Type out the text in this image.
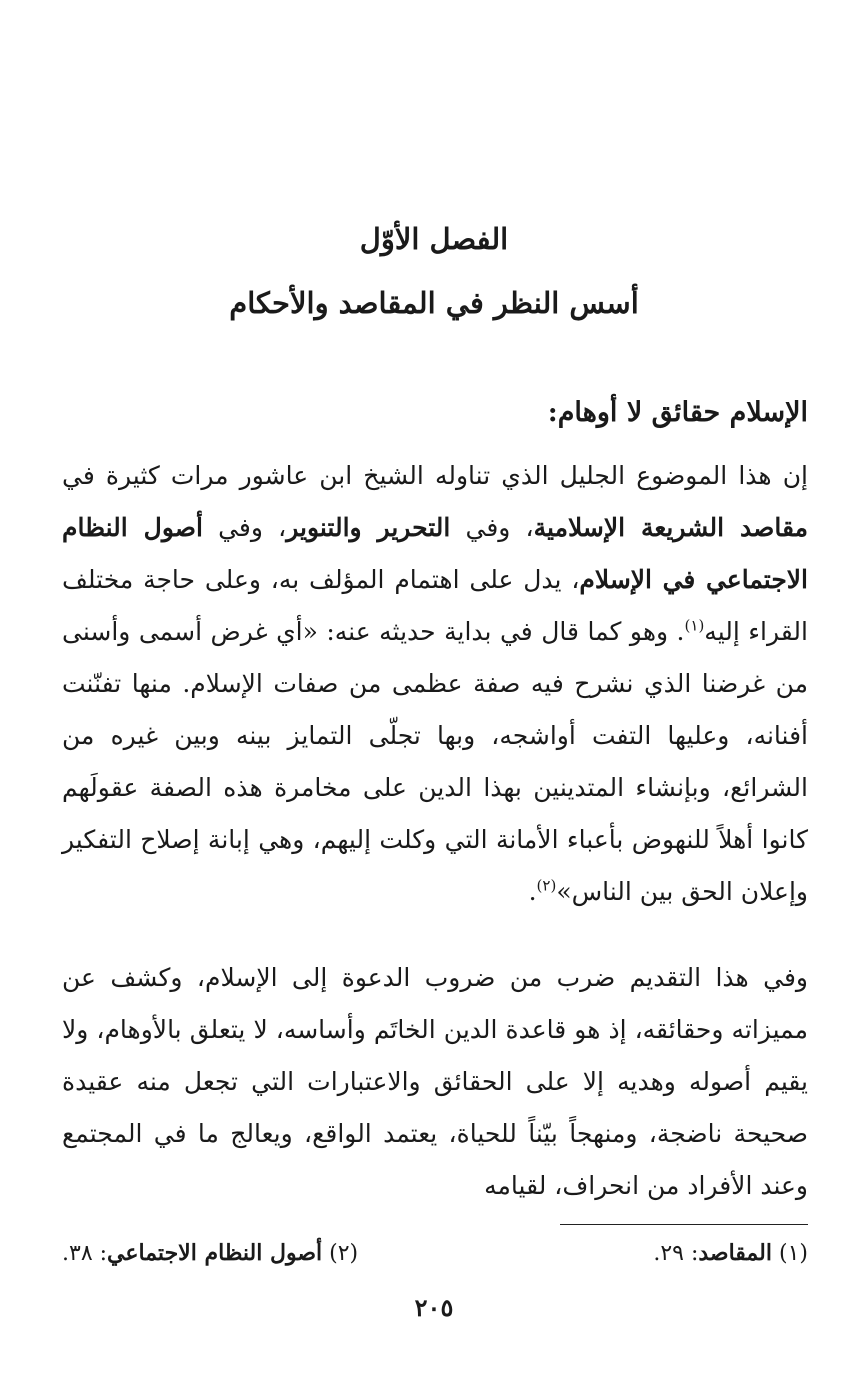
الفصل الأوّل
أسس النظر في المقاصد والأحكام
الإسلام حقائق لا أوهام:

إن هذا الموضوع الجليل الذي تناوله الشيخ ابن عاشور مرات كثيرة في مقاصد الشريعة الإسلامية، وفي التحرير والتنوير، وفي أصول النظام الاجتماعي في الإسلام، يدل على اهتمام المؤلف به، وعلى حاجة مختلف القراء إليه$^{(١)}$. وهو كما قال في بداية حديثه عنه: «أي غرض أسمى وأسنى من غرضنا الذي نشرح فيه صفة عظمى من صفات الإسلام. منها تفنّنت أفنانه، وعليها التفت أواشجه، وبها تجلّى التمايز بينه وبين غيره من الشرائع، وبإنشاء المتدينين بهذا الدين على مخامرة هذه الصفة عقولَهم كانوا أهلاً للنهوض بأعباء الأمانة التي وكلت إليهم، وهي إبانة إصلاح التفكير وإعلان الحق بين الناس»$^{(٢)}$.

وفي هذا التقديم ضرب من ضروب الدعوة إلى الإسلام، وكشف عن مميزاته وحقائقه، إذ هو قاعدة الدين الخاتَم وأساسه، لا يتعلق بالأوهام، ولا يقيم أصوله وهديه إلا على الحقائق والاعتبارات التي تجعل منه عقيدة صحيحة ناضجة، ومنهجاً بيّناً للحياة، يعتمد الواقع، ويعالج ما في المجتمع وعند الأفراد من انحراف، لقيامه

(١) المقاصد: ٢٩.
(٢) أصول النظام الاجتماعي: ٣٨.
٢٠٥
